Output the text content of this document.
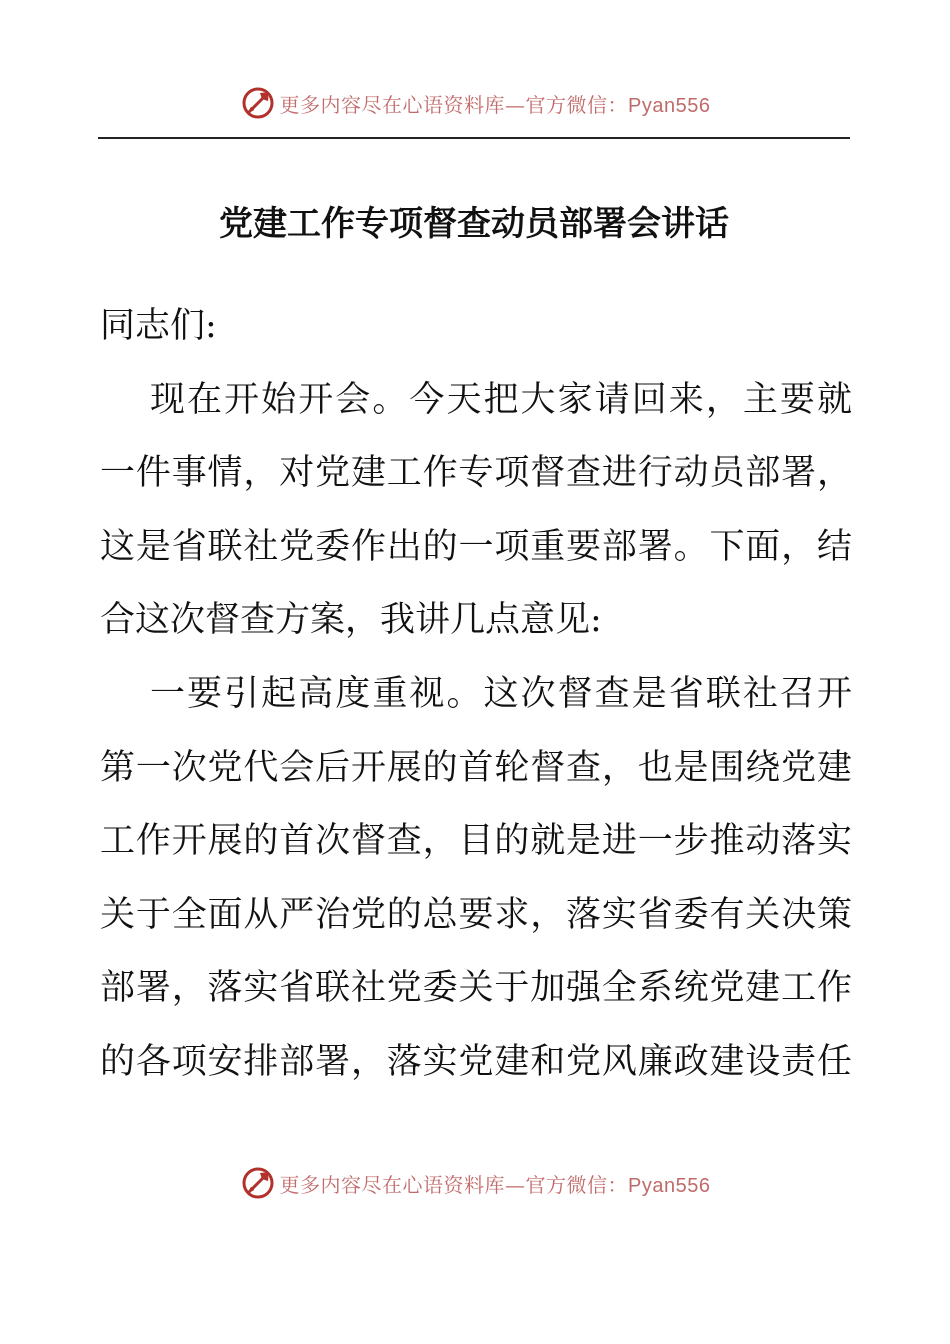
更多内容尽在心语资料库—官方微信：Pyan556
党建工作专项督查动员部署会讲话
同志们:
现在开始开会。今天把大家请回来，主要就
一件事情，对党建工作专项督查进行动员部署，
这是省联社党委作出的一项重要部署。下面，结
合这次督查方案，我讲几点意见:
一要引起高度重视。这次督查是省联社召开
第一次党代会后开展的首轮督查，也是围绕党建
工作开展的首次督查，目的就是进一步推动落实
关于全面从严治党的总要求，落实省委有关决策
部署，落实省联社党委关于加强全系统党建工作
的各项安排部署，落实党建和党风廉政建设责任
更多内容尽在心语资料库—官方微信：Pyan556
